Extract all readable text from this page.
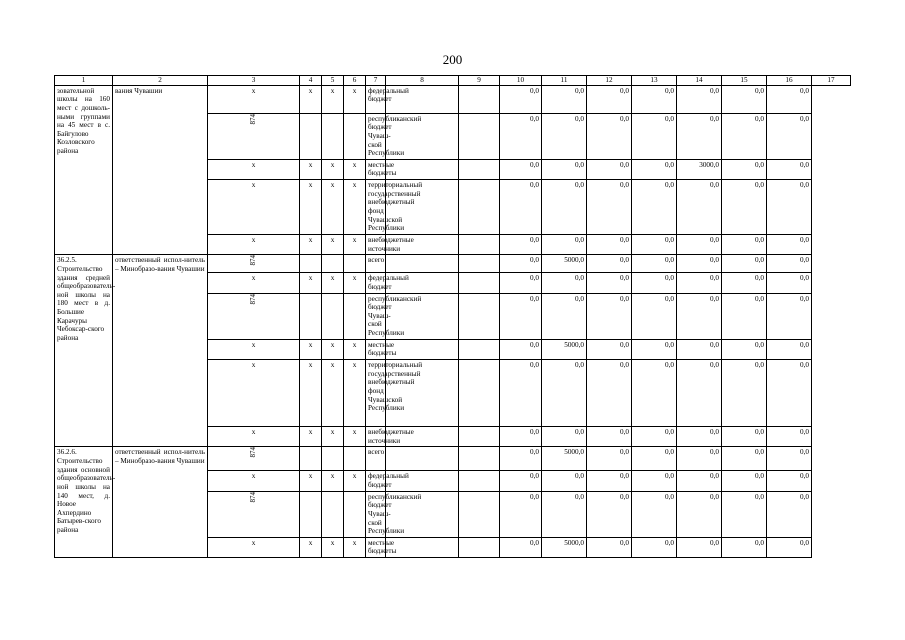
200
1	2	3	4	5	6	7	8	9	10	11	12	13	14	15	16	17
зовательной школы на 160 мест с дошколь-ными группами на 45 мест в с. Байгулово Козловского района	вания Чувашии	x	x	x	x	федеральный бюджет			0,0	0,0	0,0	0,0	0,0	0,0	0,0	
		874				республиканский бюджет Чуваш-ской Республики			0,0	0,0	0,0	0,0	0,0	0,0	0,0	
		x	x	x	x	местные бюджеты			0,0	0,0	0,0	0,0	3000,0	0,0	0,0	
		x	x	x	x	территориальный государственный внебюджетный фонд Чувашской Республики			0,0	0,0	0,0	0,0	0,0	0,0	0,0	
		x	x	x	x	внебюджетные источники			0,0	0,0	0,0	0,0	0,0	0,0	0,0	
36.2.5. Строительство здания средней общеобразователь-ной школы на 180 мест в д. Большие Карачуры Чебоксар-ского района	ответственный испол-нитель – Минобразо-вания Чувашии	874				всего			0,0	5000,0	0,0	0,0	0,0	0,0	0,0	
		x	x	x	x	федеральный бюджет			0,0	0,0	0,0	0,0	0,0	0,0	0,0	
		874				республиканский бюджет Чуваш-ской Республики			0,0	0,0	0,0	0,0	0,0	0,0	0,0	
		x	x	x	x	местные бюджеты			0,0	5000,0	0,0	0,0	0,0	0,0	0,0	
		x	x	x	x	территориальный государственный внебюджетный фонд Чувашской Республики			0,0	0,0	0,0	0,0	0,0	0,0	0,0	
		x	x	x	x	внебюджетные источники			0,0	0,0	0,0	0,0	0,0	0,0	0,0	
36.2.6. Строительство здания основной общеобразователь-ной школы на 140 мест, д. Новое Ахпердино Батырев-ского района	ответственный испол-нитель – Минобразо-вания Чувашии	874				всего			0,0	5000,0	0,0	0,0	0,0	0,0	0,0	
		x	x	x	x	федеральный бюджет			0,0	0,0	0,0	0,0	0,0	0,0	0,0	
		874				республиканский бюджет Чуваш-ской Республики			0,0	0,0	0,0	0,0	0,0	0,0	0,0	
		x	x	x	x	местные бюджеты			0,0	5000,0	0,0	0,0	0,0	0,0	0,0	
